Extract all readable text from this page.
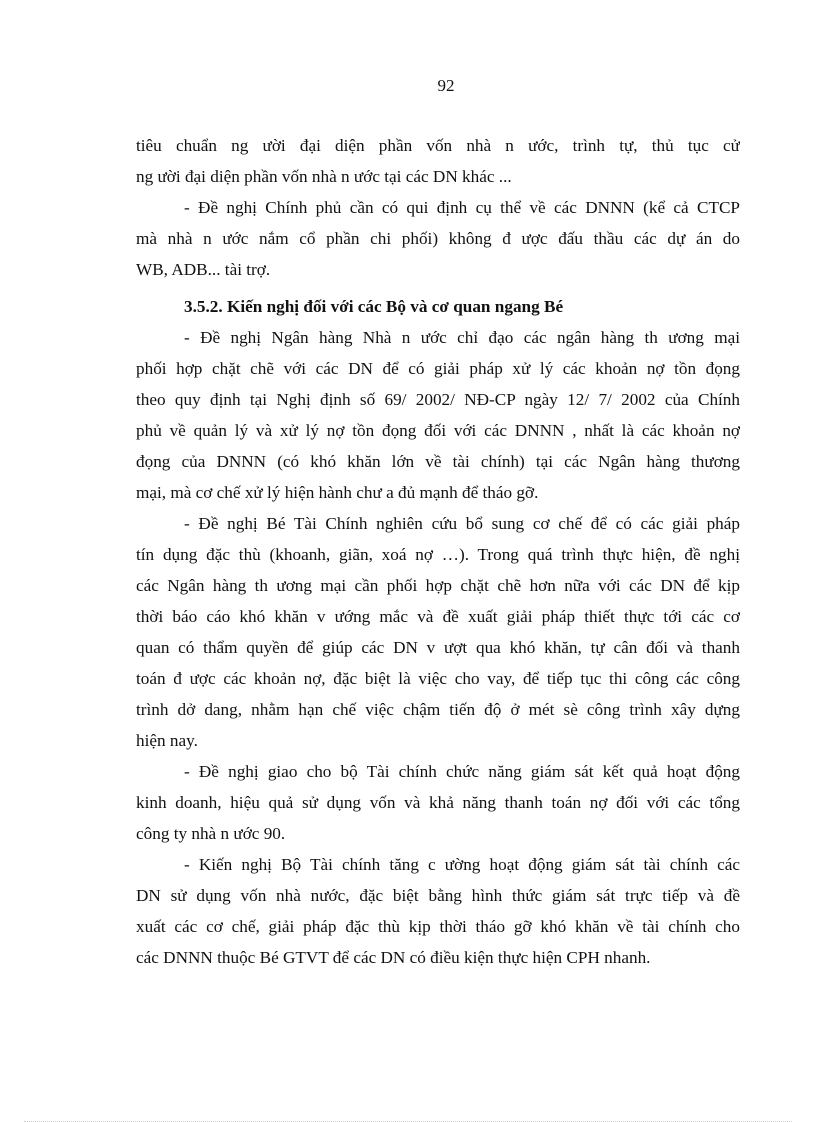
92
tiêu chuẩn ng ười đại diện phần vốn nhà n ước, trình tự, thủ tục cử
ng ười đại diện phần vốn nhà n ước tại các DN khác ...
- Đề nghị Chính phủ cần có qui định cụ thể về các DNNN (kể cả CTCP
mà nhà n ước nắm cổ phần chi phối) không đ ược đấu thầu các dự án do
WB, ADB... tài trợ.
3.5.2. Kiến nghị đối với các Bộ và cơ quan ngang Bé
- Đề nghị Ngân hàng Nhà n ước chỉ đạo các ngân hàng th ương mại
phối hợp chặt chẽ với các DN để có giải pháp xử lý các khoản nợ tồn đọng
theo quy định tại Nghị định số 69/ 2002/ NĐ-CP ngày 12/ 7/ 2002 của Chính
phủ về quản lý và xử lý nợ tồn đọng đối với các DNNN , nhất là các khoản nợ
đọng của DNNN (có khó khăn lớn về tài chính) tại các Ngân hàng thương
mại, mà cơ chế xử lý hiện hành chư a đủ mạnh để tháo gỡ.
- Đề nghị Bé Tài Chính nghiên cứu bổ sung cơ chế để có các giải pháp
tín dụng đặc thù (khoanh, giãn, xoá nợ …). Trong quá trình thực hiện, đề nghị
các Ngân hàng th ương mại cần phối hợp chặt chẽ hơn nữa với các DN để kịp
thời báo cáo khó khăn v ướng mắc và đề xuất giải pháp thiết thực tới các cơ
quan có thẩm quyền để giúp các DN v ượt qua khó khăn, tự cân đối và thanh
toán đ ược các khoản nợ, đặc biệt là việc cho vay, để tiếp tục thi công các công
trình dở dang, nhằm hạn chế việc chậm tiến độ ở mét sè công trình xây dựng
hiện nay.
- Đề nghị giao cho bộ Tài chính chức năng giám sát kết quả hoạt động
kinh doanh, hiệu quả sử dụng vốn và khả năng thanh toán nợ đối với các tổng
công ty nhà n ước 90.
- Kiến nghị Bộ Tài chính tăng c ường hoạt động giám sát tài chính các
DN sử dụng vốn nhà nước, đặc biệt bằng hình thức giám sát trực tiếp và đề
xuất các cơ chế, giải pháp đặc thù kịp thời tháo gỡ khó khăn về tài chính cho
các DNNN thuộc Bé GTVT để các DN có điều kiện thực hiện CPH nhanh.
